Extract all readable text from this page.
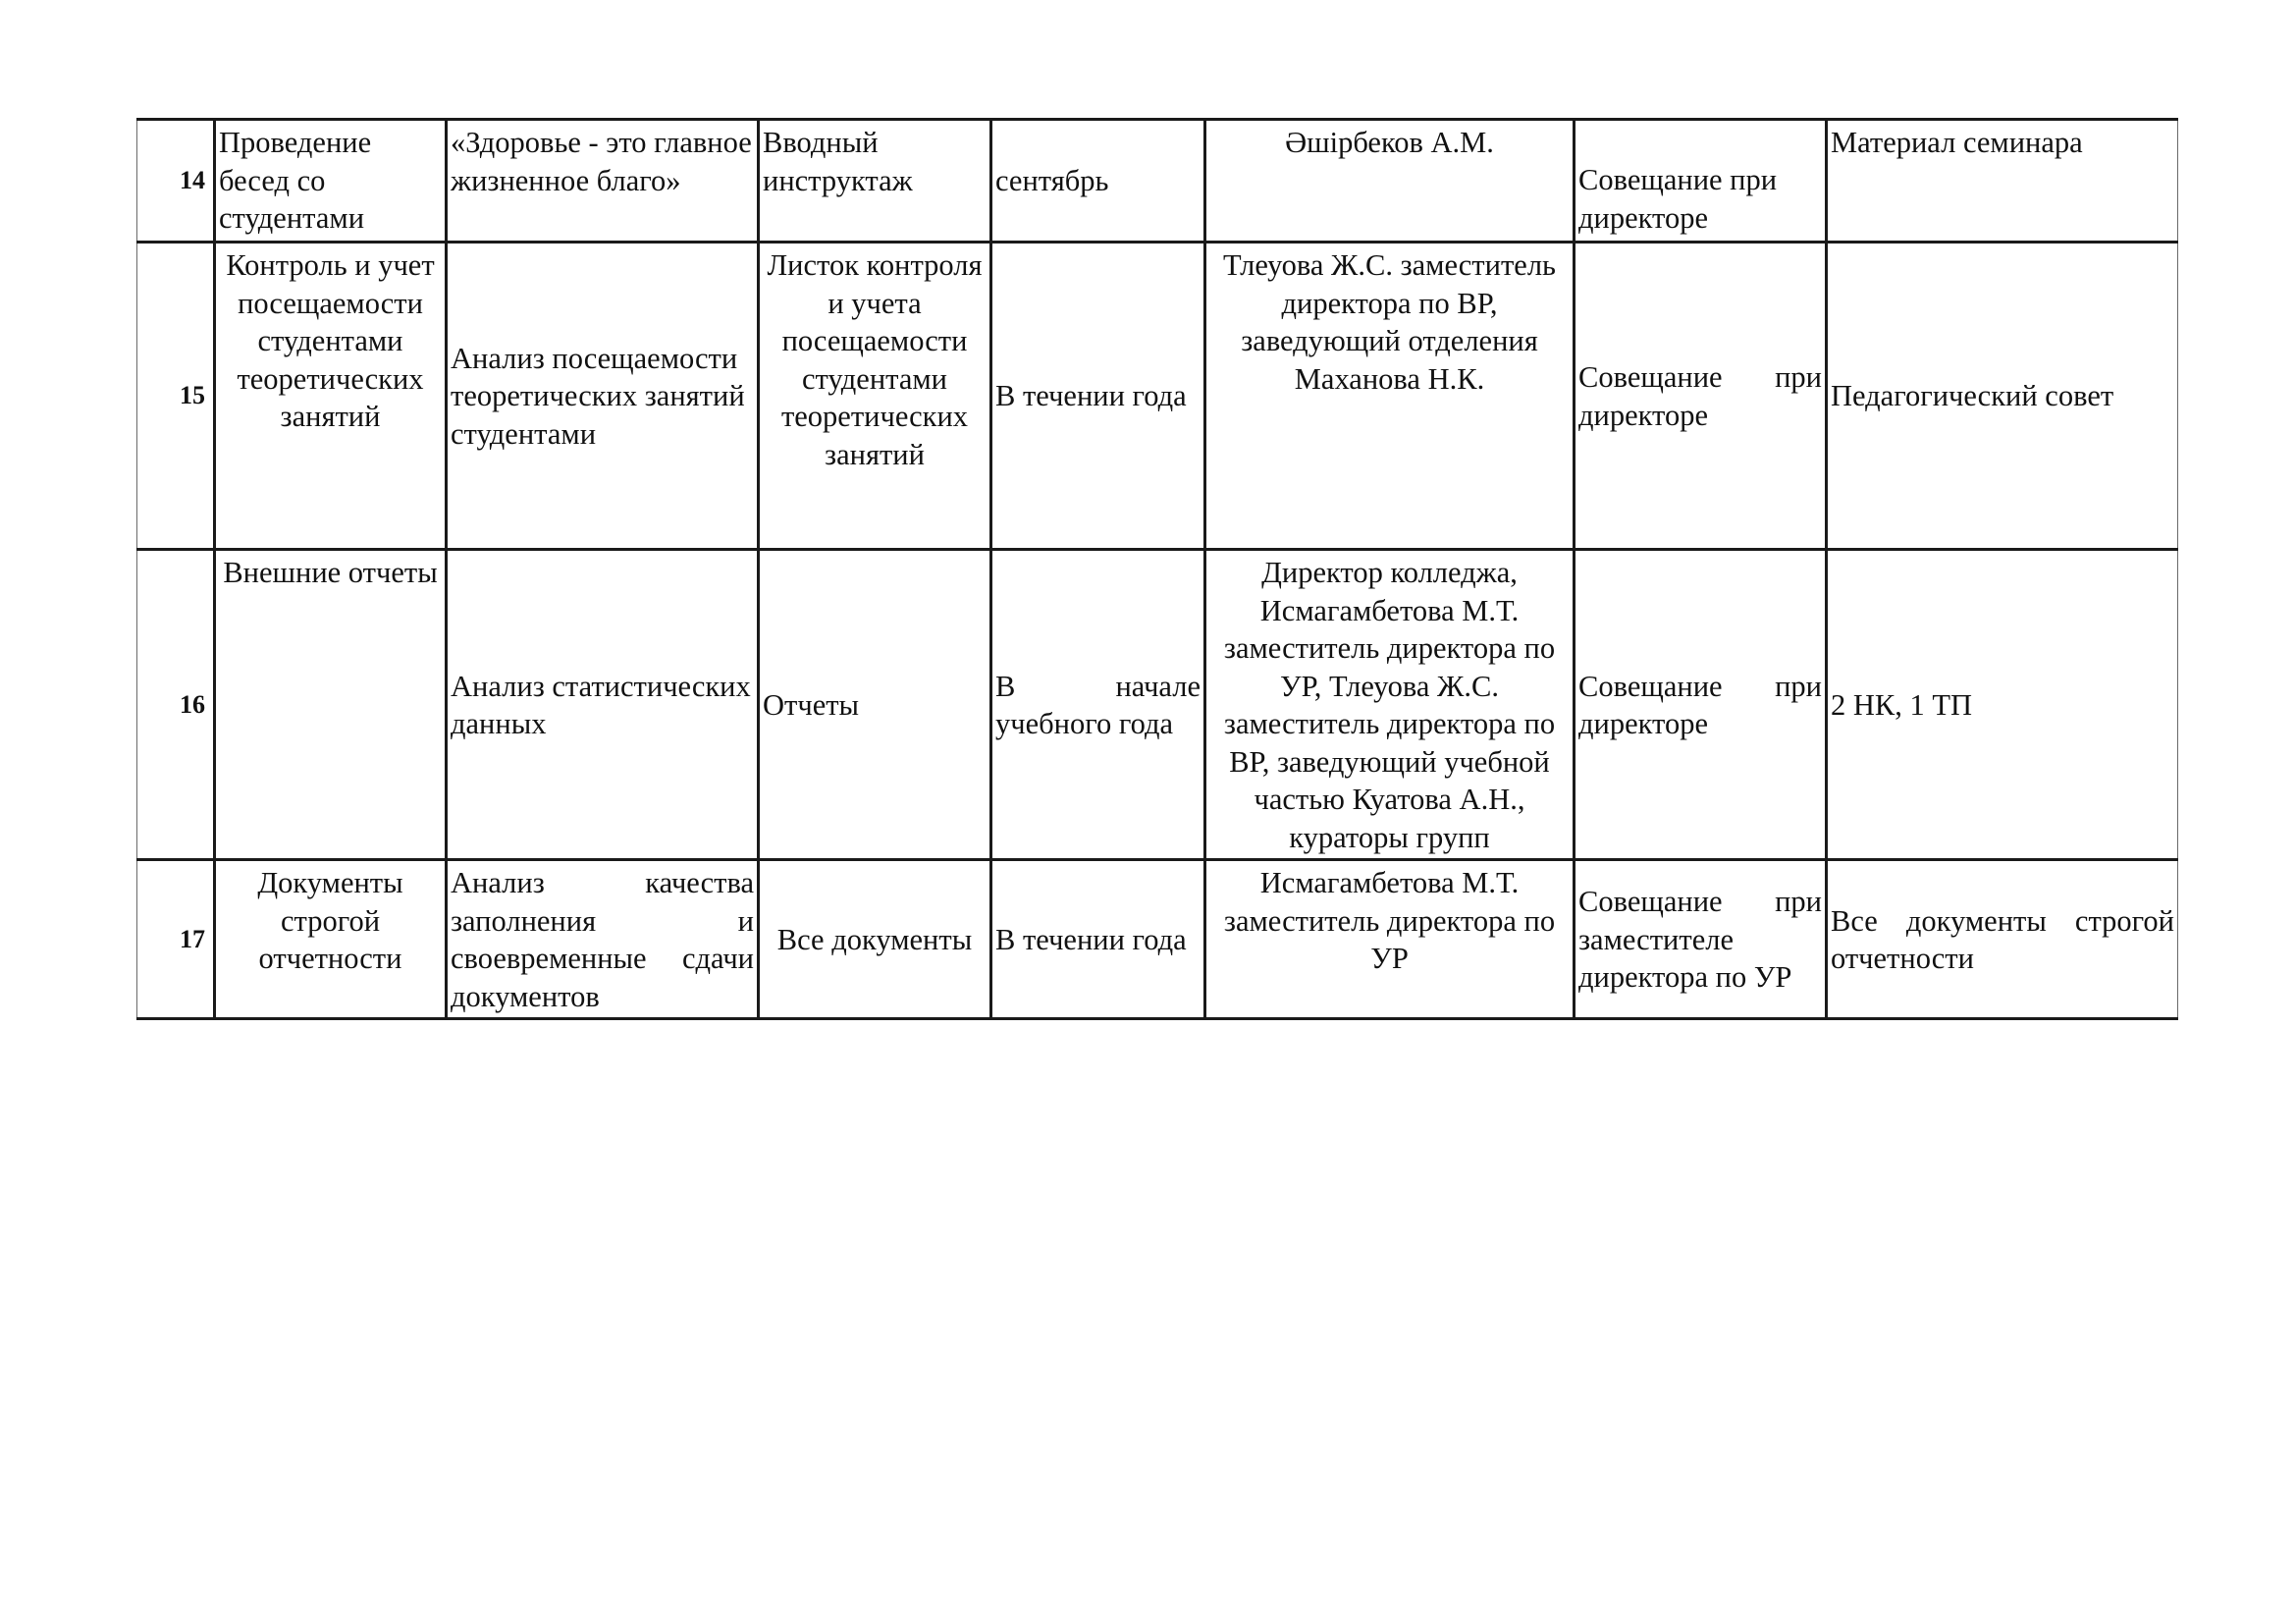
14	Проведение бесед со студентами	«Здоровье - это главное жизненное благо»	Вводный инструктаж	сентябрь	Әшірбеков А.М.	Совещание при директоре	Материал семинара
15	Контроль и учет посещаемости студентами теоретических занятий	Анализ посещаемости теоретических занятий студентами	Листок контроля и учета посещаемости студентами теоретических занятий	В течении года	Тлеуова Ж.С. заместитель директора по ВР, заведующий отделения Маханова Н.К.	Совещание при директоре	Педагогический совет
16	Внешние отчеты	Анализ статистических данных	Отчеты	В начале учебного года	Директор колледжа, Исмагамбетова М.Т. заместитель директора по УР, Тлеуова Ж.С. заместитель директора по ВР, заведующий учебной частью Куатова А.Н., кураторы групп	Совещание при директоре	2 НК, 1 ТП
17	Документы строгой отчетности	Анализ качества заполнения и своевременные сдачи документов	Все документы	В течении года	Исмагамбетова М.Т. заместитель директора по УР	Совещание при заместителе директора по УР	Все документы строгой отчетности
